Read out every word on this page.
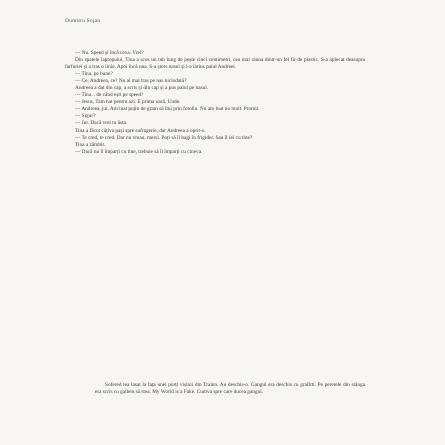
Dumitru Sojan

— Nu. Speed și încă ceva. Vrei?

Din spatele laptopului, Tina a scos un tub lung de pește cinci centimetri, cea mai rânna dintr-un fel fir de plastic. S-a aplecat deasupra farfuriei și a tras o linie. Apoi încă una. S-a șters nasul și i-a întins paiul Andreei.

— Tina, pe bune?

— Ce, Andreea, ce? Nu ai mai tras pe nas niciodată?

Andreea a dat din cap, a scris și din cap și a pus paiul pe nasul.

— Tina... de când ești pe speed?

— Jesus, Tam hat pentru azi. E prima oară. Unde.

— Andreea, jur. Am luat puțin de gram să îmi prin fotoliu. Nu am luat nu mult. Promit.

— Sigur?

— Jur. Dacă vrei tu ăsta.

Tina a făcut câțiva pași spre sufragerie, dar Andreea a oprit-o.

— Te cred, te cred. Dar nu vreau, mersi. Poți să îl bagi în frigider. Sau îl iei cu tine?

Tina a zâmbit.

— Dacă nu îl împarți cu tine, trebuie să îl împarți cu cineva.

Sofered tea lasat la fața unei porți vișinii din Trainn. Au deschis-o. Gangul era deschis cu grafitti. Pe peretele din stânga era scris cu galben să stea. My World is a Fake. Cumva spre care ducea gangul.
